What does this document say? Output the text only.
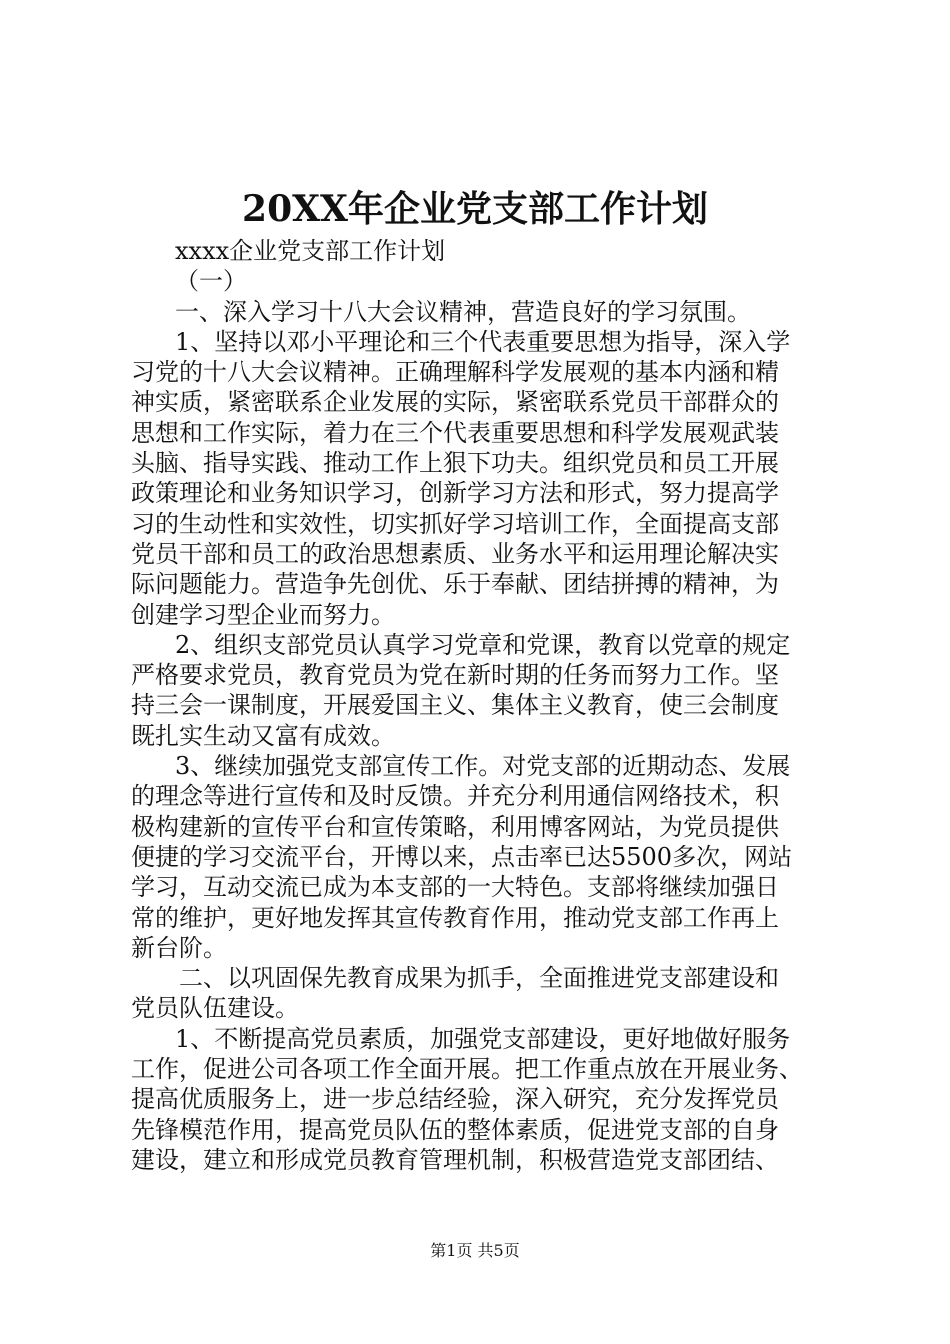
20XX年企业党支部工作计划
xxxx企业党支部工作计划
（一）
一、深入学习十八大会议精神，营造良好的学习氛围。
1、坚持以邓小平理论和三个代表重要思想为指导，深入学
习党的十八大会议精神。正确理解科学发展观的基本内涵和精
神实质，紧密联系企业发展的实际，紧密联系党员干部群众的
思想和工作实际，着力在三个代表重要思想和科学发展观武装
头脑、指导实践、推动工作上狠下功夫。组织党员和员工开展
政策理论和业务知识学习，创新学习方法和形式，努力提高学
习的生动性和实效性，切实抓好学习培训工作，全面提高支部
党员干部和员工的政治思想素质、业务水平和运用理论解决实
际问题能力。营造争先创优、乐于奉献、团结拼搏的精神，为
创建学习型企业而努力。
2、组织支部党员认真学习党章和党课，教育以党章的规定
严格要求党员，教育党员为党在新时期的任务而努力工作。坚
持三会一课制度，开展爱国主义、集体主义教育，使三会制度
既扎实生动又富有成效。
3、继续加强党支部宣传工作。对党支部的近期动态、发展
的理念等进行宣传和及时反馈。并充分利用通信网络技术，积
极构建新的宣传平台和宣传策略，利用博客网站，为党员提供
便捷的学习交流平台，开博以来，点击率已达5500多次，网站
学习，互动交流已成为本支部的一大特色。支部将继续加强日
常的维护，更好地发挥其宣传教育作用，推动党支部工作再上
新台阶。
二、以巩固保先教育成果为抓手，全面推进党支部建设和
党员队伍建设。
1、不断提高党员素质，加强党支部建设，更好地做好服务
工作，促进公司各项工作全面开展。把工作重点放在开展业务、
提高优质服务上，进一步总结经验，深入研究，充分发挥党员
先锋模范作用，提高党员队伍的整体素质，促进党支部的自身
建设，建立和形成党员教育管理机制，积极营造党支部团结、
第1页 共5页
